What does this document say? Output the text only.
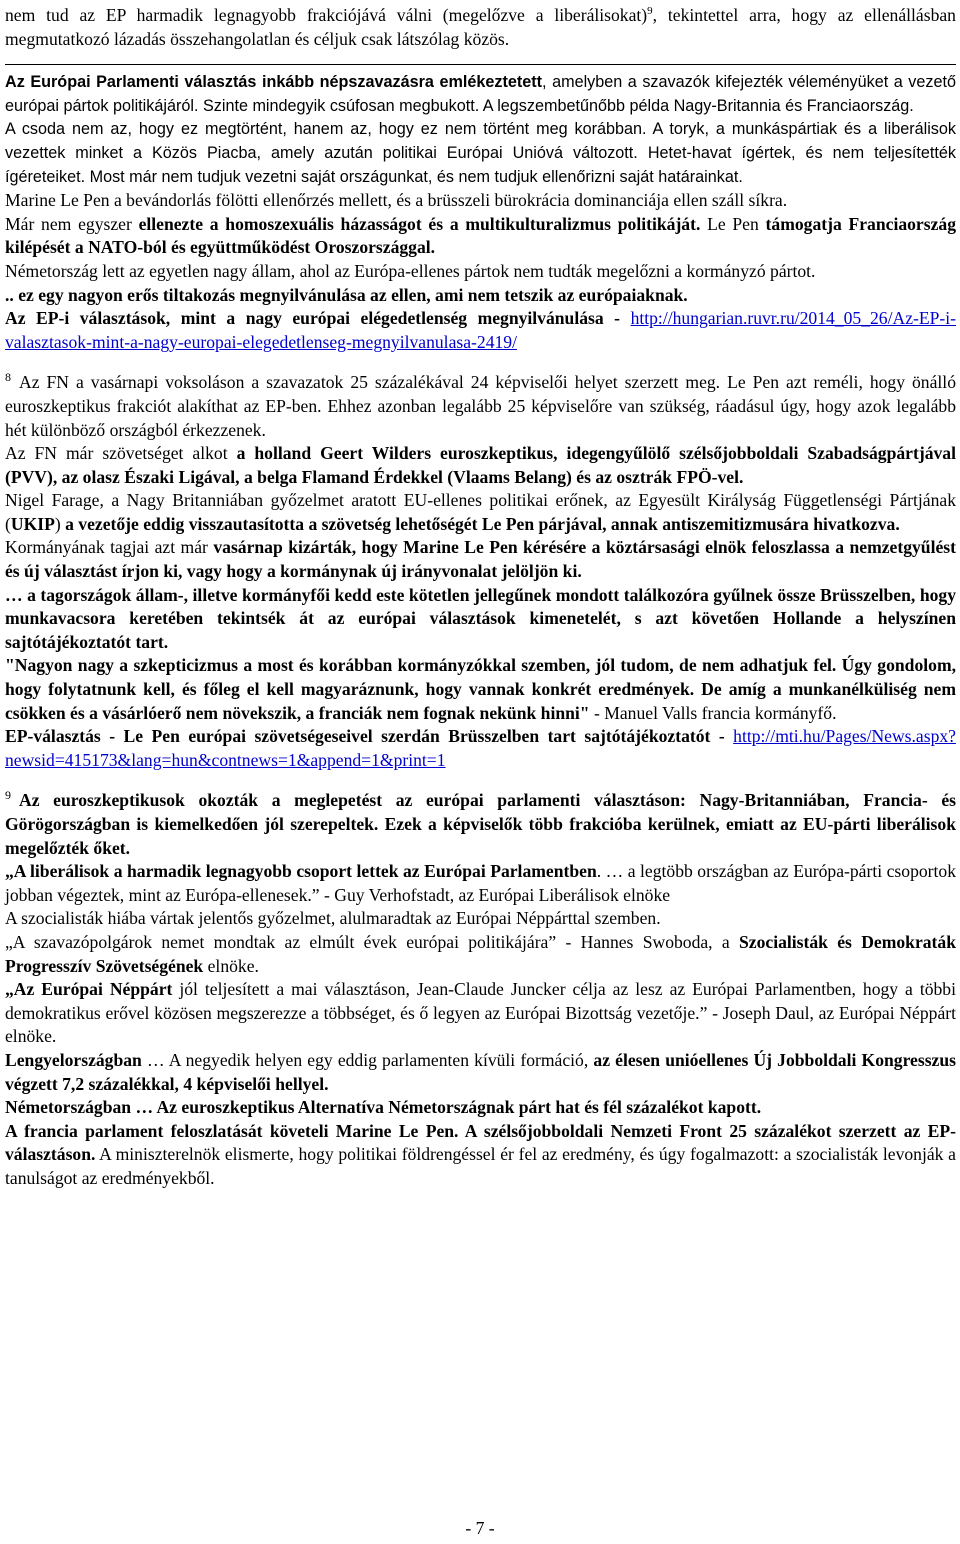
nem tud az EP harmadik legnagyobb frakciójává válni (megelőzve a liberálisokat)$^9$, tekintettel arra, hogy az ellenállásban megmutatkozó lázadás összehangolatlan és céljuk csak látszólag közös.

Az Európai Parlamenti választás inkább népszavazásra emlékeztetett, amelyben a szavazók kifejezték véleményüket a vezető európai pártok politikájáról. Szinte mindegyik csúfosan megbukott. A legszembetűnőbb példa Nagy-Britannia és Franciaország.

A csoda nem az, hogy ez megtörtént, hanem az, hogy ez nem történt meg korábban. A toryk, a munkáspártiak és a liberálisok vezettek minket a Közös Piacba, amely azután politikai Európai Unióvá változott. Hetet-havat ígértek, és nem teljesítették ígéreteiket. Most már nem tudjuk vezetni saját országunkat, és nem tudjuk ellenőrizni saját határainkat.

Marine Le Pen a bevándorlás fölötti ellenőrzés mellett, és a brüsszeli bürokrácia dominanciája ellen száll síkra.

Már nem egyszer ellenezte a homoszexuális házasságot és a multikulturalizmus politikáját. Le Pen támogatja Franciaország kilépését a NATO-ból és együttműködést Oroszországgal.

Németország lett az egyetlen nagy állam, ahol az Európa-ellenes pártok nem tudták megelőzni a kormányzó pártot.

.. ez egy nagyon erős tiltakozás megnyilvánulása az ellen, ami nem tetszik az európaiaknak.

Az EP-i választások, mint a nagy európai elégedetlenség megnyilvánulása - http://hungarian.ruvr.ru/2014_05_26/Az-EP-i-valasztasok-mint-a-nagy-europai-elegedetlenseg-megnyilvanulasa-2419/

$^8$ Az FN a vasárnapi voksoláson a szavazatok 25 százalékával 24 képviselői helyet szerzett meg. Le Pen azt reméli, hogy önálló euroszkeptikus frakciót alakíthat az EP-ben. Ehhez azonban legalább 25 képviselőre van szükség, ráadásul úgy, hogy azok legalább hét különböző országból érkezzenek.

Az FN már szövetséget alkot a holland Geert Wilders euroszkeptikus, idegengyűlölő szélsőjobboldali Szabadságpártjával (PVV), az olasz Északi Ligával, a belga Flamand Érdekkel (Vlaams Belang) és az osztrák FPÖ-vel.

Nigel Farage, a Nagy Britanniában győzelmet aratott EU-ellenes politikai erőnek, az Egyesült Királyság Függetlenségi Pártjának (UKIP) a vezetője eddig visszautasította a szövetség lehetőségét Le Pen párjával, annak antiszemitizmusára hivatkozva.

Kormányának tagjai azt már vasárnap kizárták, hogy Marine Le Pen kérésére a köztársasági elnök feloszlassa a nemzetgyűlést és új választást írjon ki, vagy hogy a kormánynak új irányvonalat jelöljön ki.

… a tagországok állam-, illetve kormányfői kedd este kötetlen jellegűnek mondott találkozóra gyűlnek össze Brüsszelben, hogy munkavacsora keretében tekintsék át az európai választások kimenetelét, s azt követően Hollande a helyszínen sajtótájékoztatót tart.

"Nagyon nagy a szkepticizmus a most és korábban kormányzókkal szemben, jól tudom, de nem adhatjuk fel. Úgy gondolom, hogy folytatnunk kell, és főleg el kell magyaráznunk, hogy vannak konkrét eredmények. De amíg a munkanélküliség nem csökken és a vásárlóerő nem növekszik, a franciák nem fognak nekünk hinni" - Manuel Valls francia kormányfő.

EP-választás - Le Pen európai szövetségeseivel szerdán Brüsszelben tart sajtótájékoztatót - http://mti.hu/Pages/News.aspx?newsid=415173&lang=hun&contnews=1&append=1&print=1

$^9$ Az euroszkeptikusok okozták a meglepetést az európai parlamenti választáson: Nagy-Britanniában, Francia- és Görögországban is kiemelkedően jól szerepeltek. Ezek a képviselők több frakcióba kerülnek, emiatt az EU-párti liberálisok megelőzték őket.

„A liberálisok a harmadik legnagyobb csoport lettek az Európai Parlamentben. … a legtöbb országban az Európa-párti csoportok jobban végeztek, mint az Európa-ellenesek.” - Guy Verhofstadt, az Európai Liberálisok elnöke

A szocialisták hiába vártak jelentős győzelmet, alulmaradtak az Európai Néppárttal szemben.

„A szavazópolgárok nemet mondtak az elmúlt évek európai politikájára” - Hannes Swoboda, a Szocialisták és Demokraták Progresszív Szövetségének elnöke.

„Az Európai Néppárt jól teljesített a mai választáson, Jean-Claude Juncker célja az lesz az Európai Parlamentben, hogy a többi demokratikus erővel közösen megszerezze a többséget, és ő legyen az Európai Bizottság vezetője.” - Joseph Daul, az Európai Néppárt elnöke.

Lengyelországban … A negyedik helyen egy eddig parlamenten kívüli formáció, az élesen unióellenes Új Jobboldali Kongresszus végzett 7,2 százalékkal, 4 képviselői hellyel.

Németországban … Az euroszkeptikus Alternatíva Németországnak párt hat és fél százalékot kapott.

A francia parlament feloszlatását követeli Marine Le Pen. A szélsőjobboldali Nemzeti Front 25 százalékot szerzett az EP-választáson. A miniszterelnök elismerte, hogy politikai földrengéssel ér fel az eredmény, és úgy fogalmazott: a szocialisták levonják a tanulságot az eredményekből.

- 7 -
